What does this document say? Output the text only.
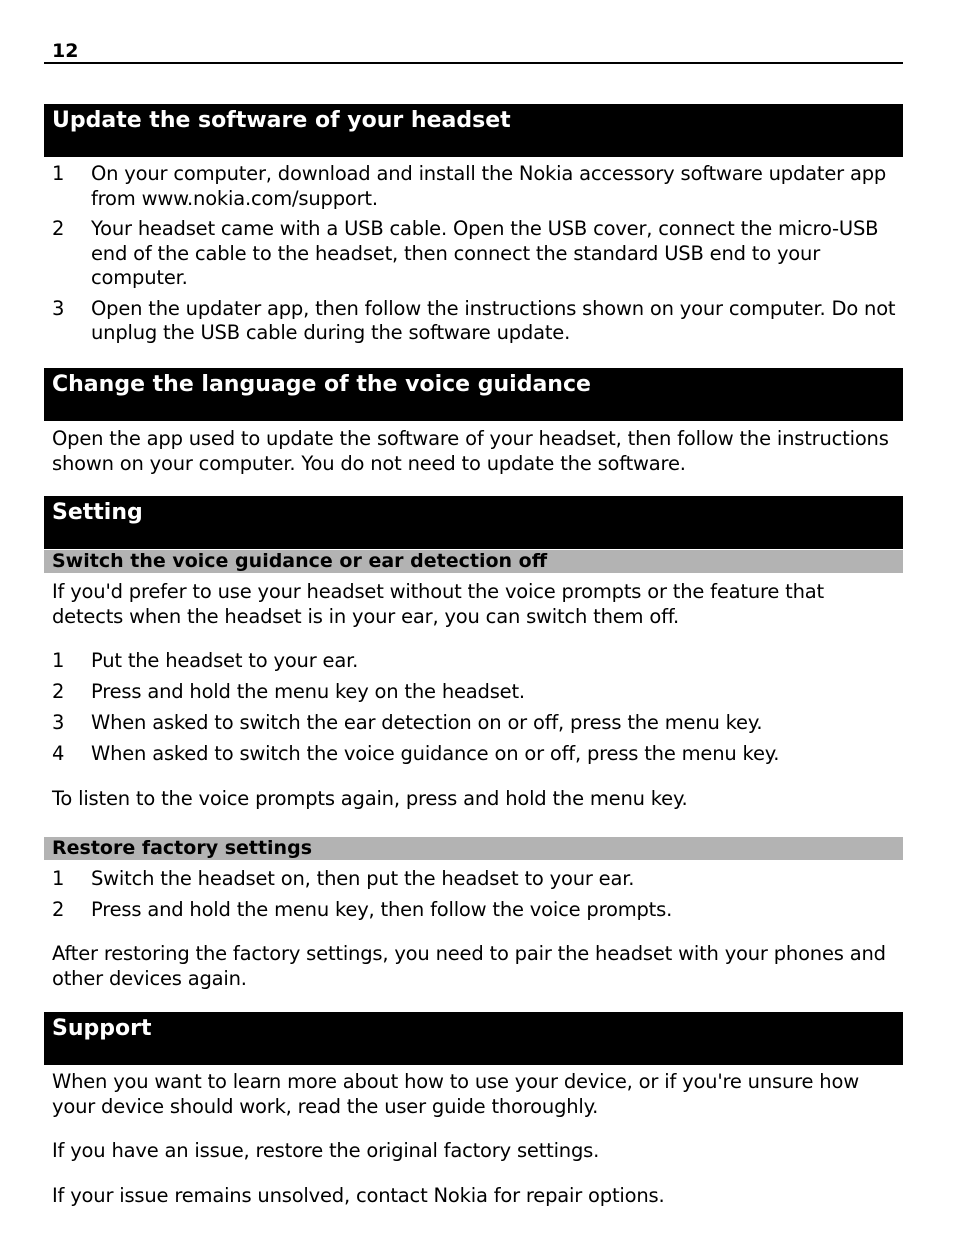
12
Update the software of your headset
1	On your computer, download and install the Nokia accessory software updater app from www.nokia.com/support.
2	Your headset came with a USB cable. Open the USB cover, connect the micro-USB end of the cable to the headset, then connect the standard USB end to your computer.
3	Open the updater app, then follow the instructions shown on your computer. Do not unplug the USB cable during the software update.
Change the language of the voice guidance
Open the app used to update the software of your headset, then follow the instructions shown on your computer. You do not need to update the software.
Setting
Switch the voice guidance or ear detection off
If you'd prefer to use your headset without the voice prompts or the feature that detects when the headset is in your ear, you can switch them off.
1	Put the headset to your ear.
2	Press and hold the menu key on the headset.
3	When asked to switch the ear detection on or off, press the menu key.
4	When asked to switch the voice guidance on or off, press the menu key.
To listen to the voice prompts again, press and hold the menu key.
Restore factory settings
1	Switch the headset on, then put the headset to your ear.
2	Press and hold the menu key, then follow the voice prompts.
After restoring the factory settings, you need to pair the headset with your phones and other devices again.
Support
When you want to learn more about how to use your device, or if you're unsure how your device should work, read the user guide thoroughly.
If you have an issue, restore the original factory settings.
If your issue remains unsolved, contact Nokia for repair options.
